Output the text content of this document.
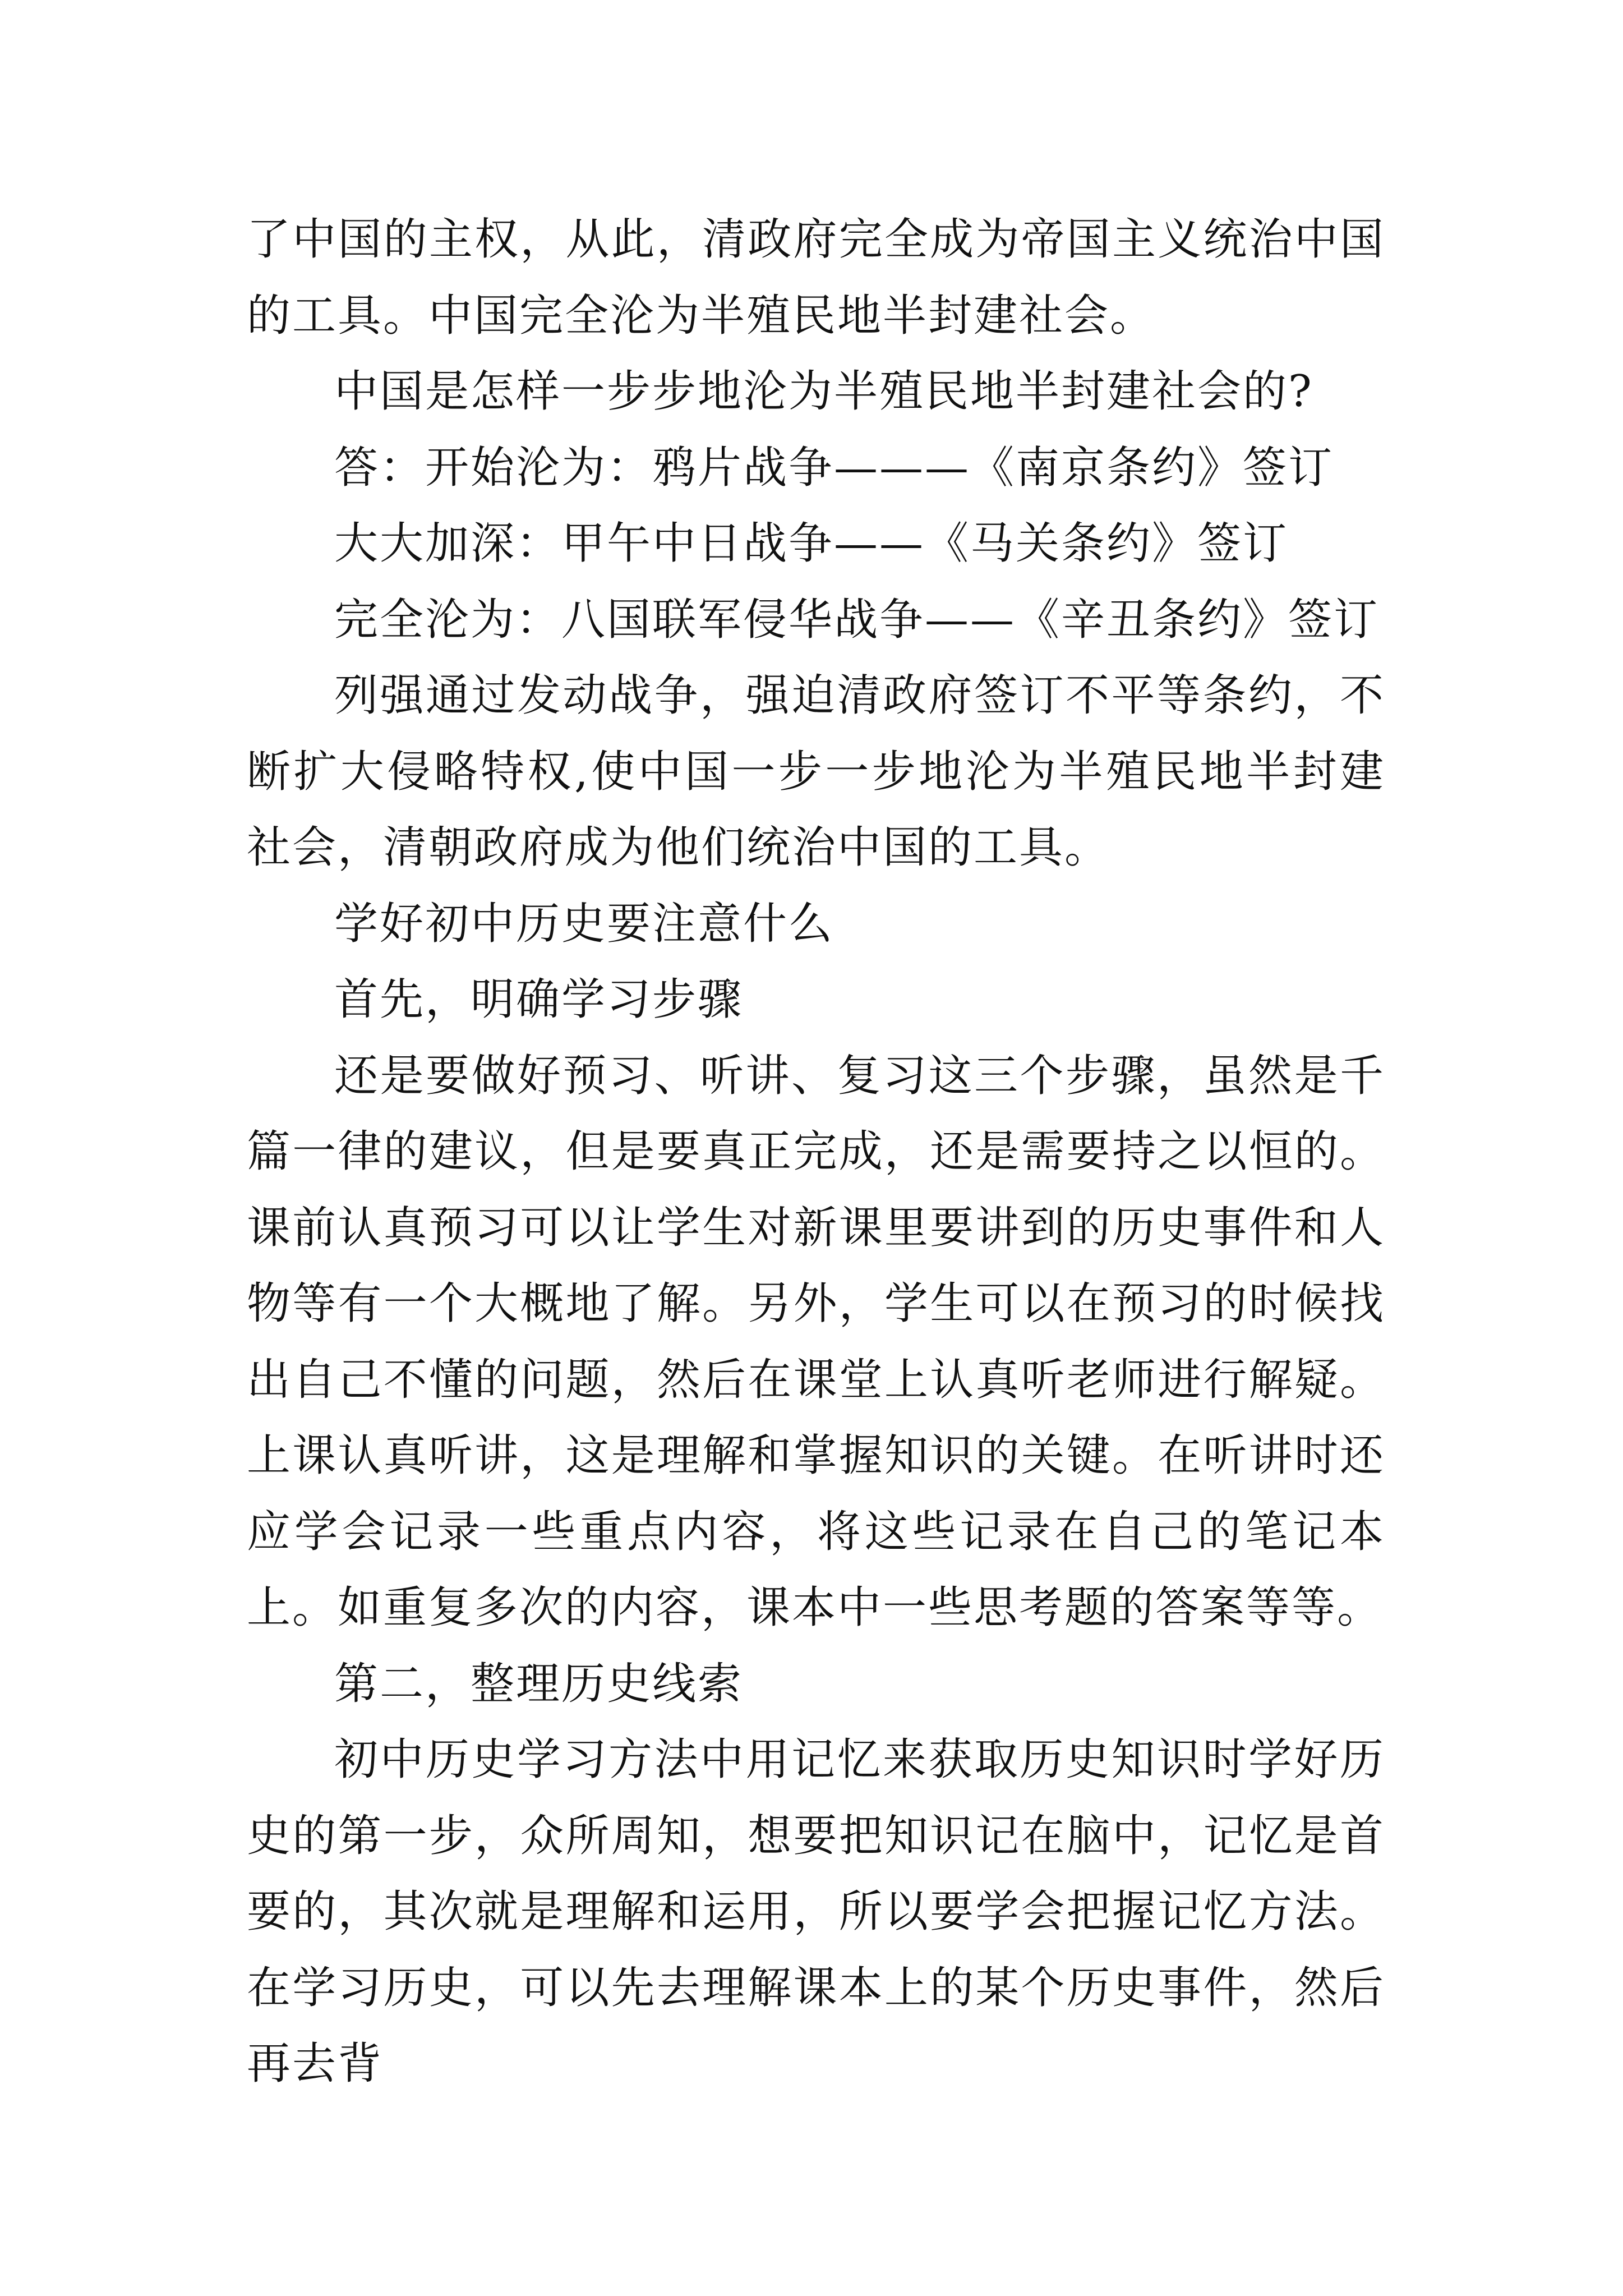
了中国的主权，从此，清政府完全成为帝国主义统治中国的工具。中国完全沦为半殖民地半封建社会。

中国是怎样一步步地沦为半殖民地半封建社会的?

答：开始沦为：鸦片战争———《南京条约》签订

大大加深：甲午中日战争——《马关条约》签订

完全沦为：八国联军侵华战争——《辛丑条约》签订

列强通过发动战争，强迫清政府签订不平等条约，不断扩大侵略特权,使中国一步一步地沦为半殖民地半封建社会，清朝政府成为他们统治中国的工具。

学好初中历史要注意什么

首先，明确学习步骤

还是要做好预习、听讲、复习这三个步骤，虽然是千篇一律的建议，但是要真正完成，还是需要持之以恒的。课前认真预习可以让学生对新课里要讲到的历史事件和人物等有一个大概地了解。另外，学生可以在预习的时候找出自己不懂的问题，然后在课堂上认真听老师进行解疑。上课认真听讲，这是理解和掌握知识的关键。在听讲时还应学会记录一些重点内容，将这些记录在自己的笔记本上。如重复多次的内容，课本中一些思考题的答案等等。

第二，整理历史线索

初中历史学习方法中用记忆来获取历史知识时学好历史的第一步，众所周知，想要把知识记在脑中，记忆是首要的，其次就是理解和运用，所以要学会把握记忆方法。在学习历史，可以先去理解课本上的某个历史事件，然后再去背
